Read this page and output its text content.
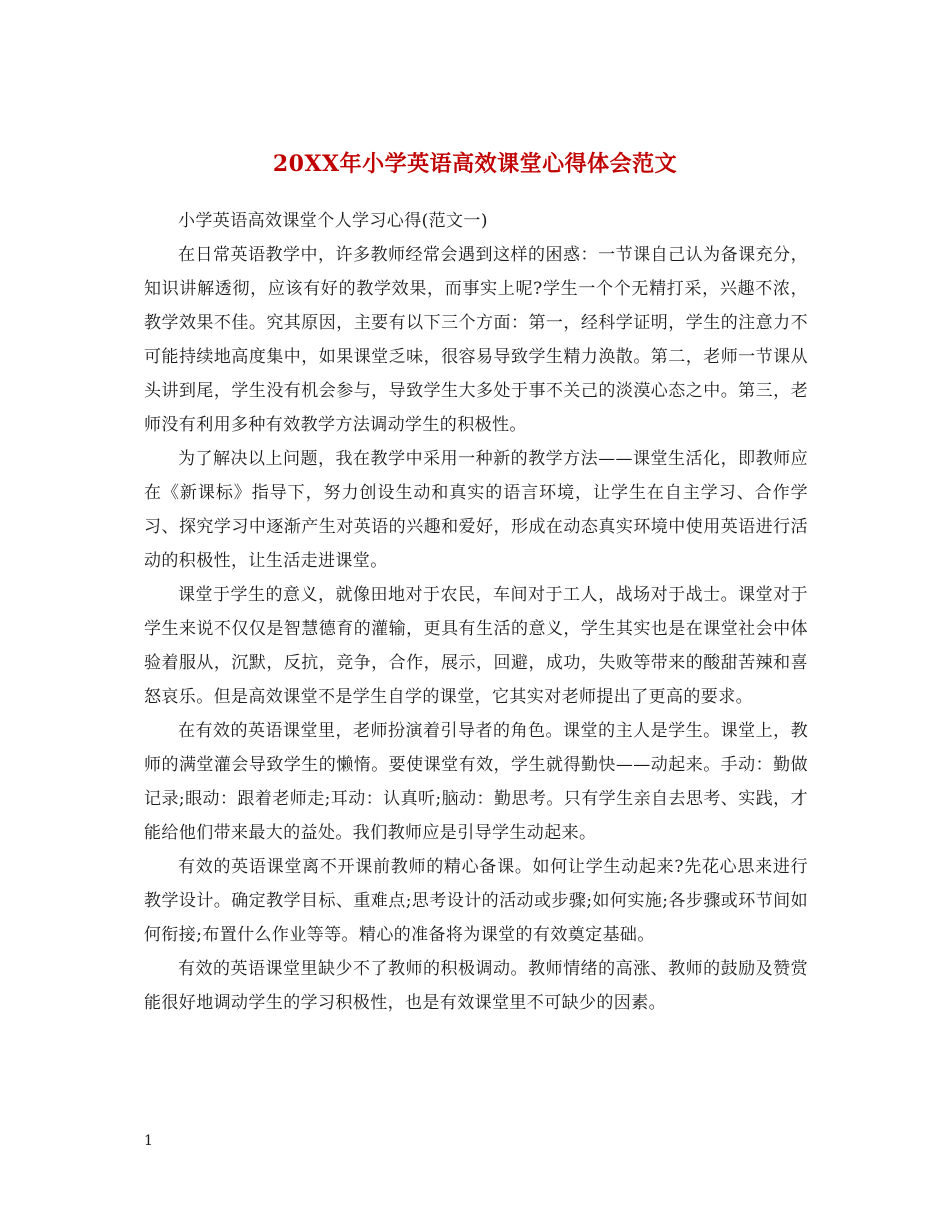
20XX年小学英语高效课堂心得体会范文

小学英语高效课堂个人学习心得(范文一)

在日常英语教学中，许多教师经常会遇到这样的困惑：一节课自己认为备课充分，知识讲解透彻，应该有好的教学效果，而事实上呢?学生一个个无精打采，兴趣不浓，教学效果不佳。究其原因，主要有以下三个方面：第一，经科学证明，学生的注意力不可能持续地高度集中，如果课堂乏味，很容易导致学生精力涣散。第二，老师一节课从头讲到尾，学生没有机会参与，导致学生大多处于事不关己的淡漠心态之中。第三，老师没有利用多种有效教学方法调动学生的积极性。

为了解决以上问题，我在教学中采用一种新的教学方法——课堂生活化，即教师应在《新课标》指导下，努力创设生动和真实的语言环境，让学生在自主学习、合作学习、探究学习中逐渐产生对英语的兴趣和爱好，形成在动态真实环境中使用英语进行活动的积极性，让生活走进课堂。

课堂于学生的意义，就像田地对于农民，车间对于工人，战场对于战士。课堂对于学生来说不仅仅是智慧德育的灌输，更具有生活的意义，学生其实也是在课堂社会中体验着服从，沉默，反抗，竞争，合作，展示，回避，成功，失败等带来的酸甜苦辣和喜怒哀乐。但是高效课堂不是学生自学的课堂，它其实对老师提出了更高的要求。

在有效的英语课堂里，老师扮演着引导者的角色。课堂的主人是学生。课堂上，教师的满堂灌会导致学生的懒惰。要使课堂有效，学生就得勤快——动起来。手动：勤做记录;眼动：跟着老师走;耳动：认真听;脑动：勤思考。只有学生亲自去思考、实践，才能给他们带来最大的益处。我们教师应是引导学生动起来。

有效的英语课堂离不开课前教师的精心备课。如何让学生动起来?先花心思来进行教学设计。确定教学目标、重难点;思考设计的活动或步骤;如何实施;各步骤或环节间如何衔接;布置什么作业等等。精心的准备将为课堂的有效奠定基础。

有效的英语课堂里缺少不了教师的积极调动。教师情绪的高涨、教师的鼓励及赞赏能很好地调动学生的学习积极性，也是有效课堂里不可缺少的因素。

1
